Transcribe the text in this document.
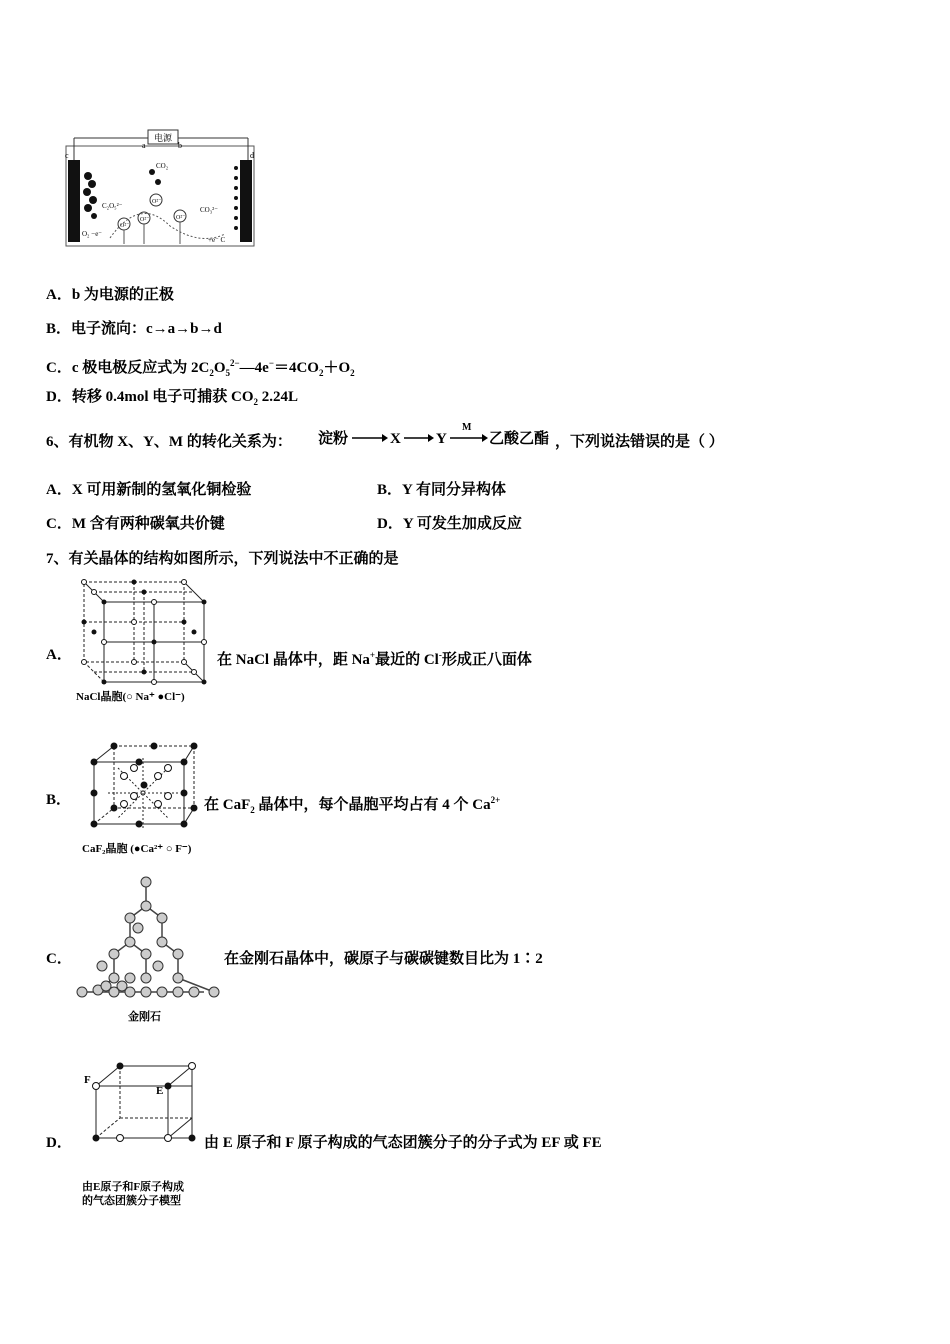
电源
a	b
c	d
CO₂
C₂O₅²⁻	CO₃²⁻
O²⁻
O²⁻
O²⁻
O²⁻
O₂ −e⁻
+e⁻ C
A．b 为电源的正极
B．电子流向：c→a→b→d
C．c 极电极反应式为 $2C_2O_5^{2-}—4e^-=4CO_2+O_2$
D．转移 0.4mol 电子可捕获 $CO_2$ 2.24L
6、有机物 X、Y、M 的转化关系为： 淀粉	X Y
M
乙酸乙酯 ，下列说法错误的是（ ）
A．X 可用新制的氢氧化铜检验	B．Y 有同分异构体
C．M 含有两种碳氧共价键	D．Y 可发生加成反应
7、有关晶体的结构如图所示，下列说法中不正确的是
A．
NaCl晶胞(○ Na⁺ ●Cl⁻)
在 NaCl 晶体中，距 Na+最近的 Cl-形成正八面体
B．
CaF₂晶胞 (●Ca²⁺ ○ F⁻)
在 CaF$_2$ 晶体中，每个晶胞平均占有 4 个 $Ca^{2+}$
C．
金刚石
在金刚石晶体中，碳原子与碳碳键数目比为 1∶2
D．
F
E
由E原子和F原子构成
的气态团簇分子模型
由 E 原子和 F 原子构成的气态团簇分子的分子式为 EF 或 FE
